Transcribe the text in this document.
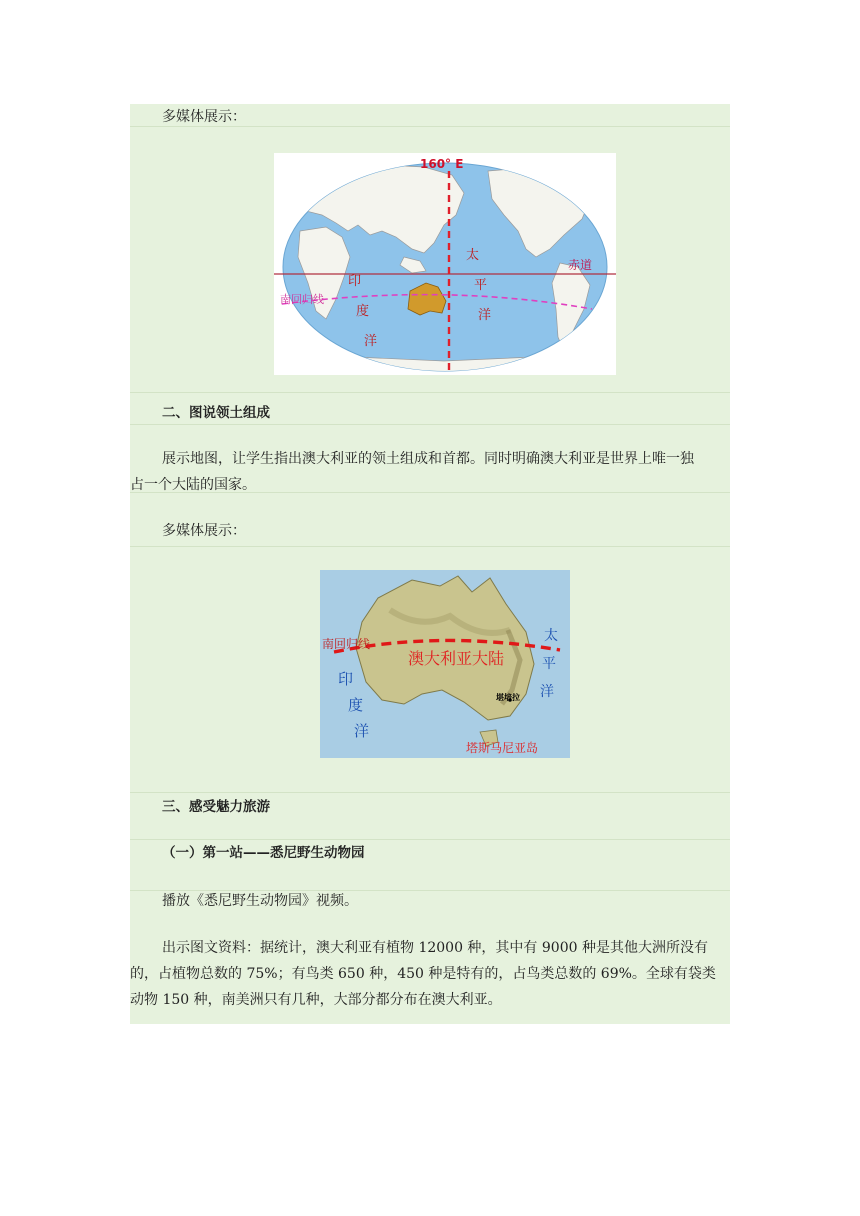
多媒体展示：
160° E
赤道
南回归线
太
平
洋
印
度
洋
二、图说领土组成
展示地图，让学生指出澳大利亚的领土组成和首都。同时明确澳大利亚是世界上唯一独
占一个大陆的国家。
多媒体展示：
南回归线
澳大利亚大陆
堪培拉
塔斯马尼亚岛
太
平
洋
印
度
洋
三、感受魅力旅游
（一）第一站——悉尼野生动物园
播放《悉尼野生动物园》视频。
出示图文资料：据统计，澳大利亚有植物 12000 种，其中有 9000 种是其他大洲所没有
的，占植物总数的 75%；有鸟类 650 种，450 种是特有的，占鸟类总数的 69%。全球有袋类
动物 150 种，南美洲只有几种，大部分都分布在澳大利亚。
